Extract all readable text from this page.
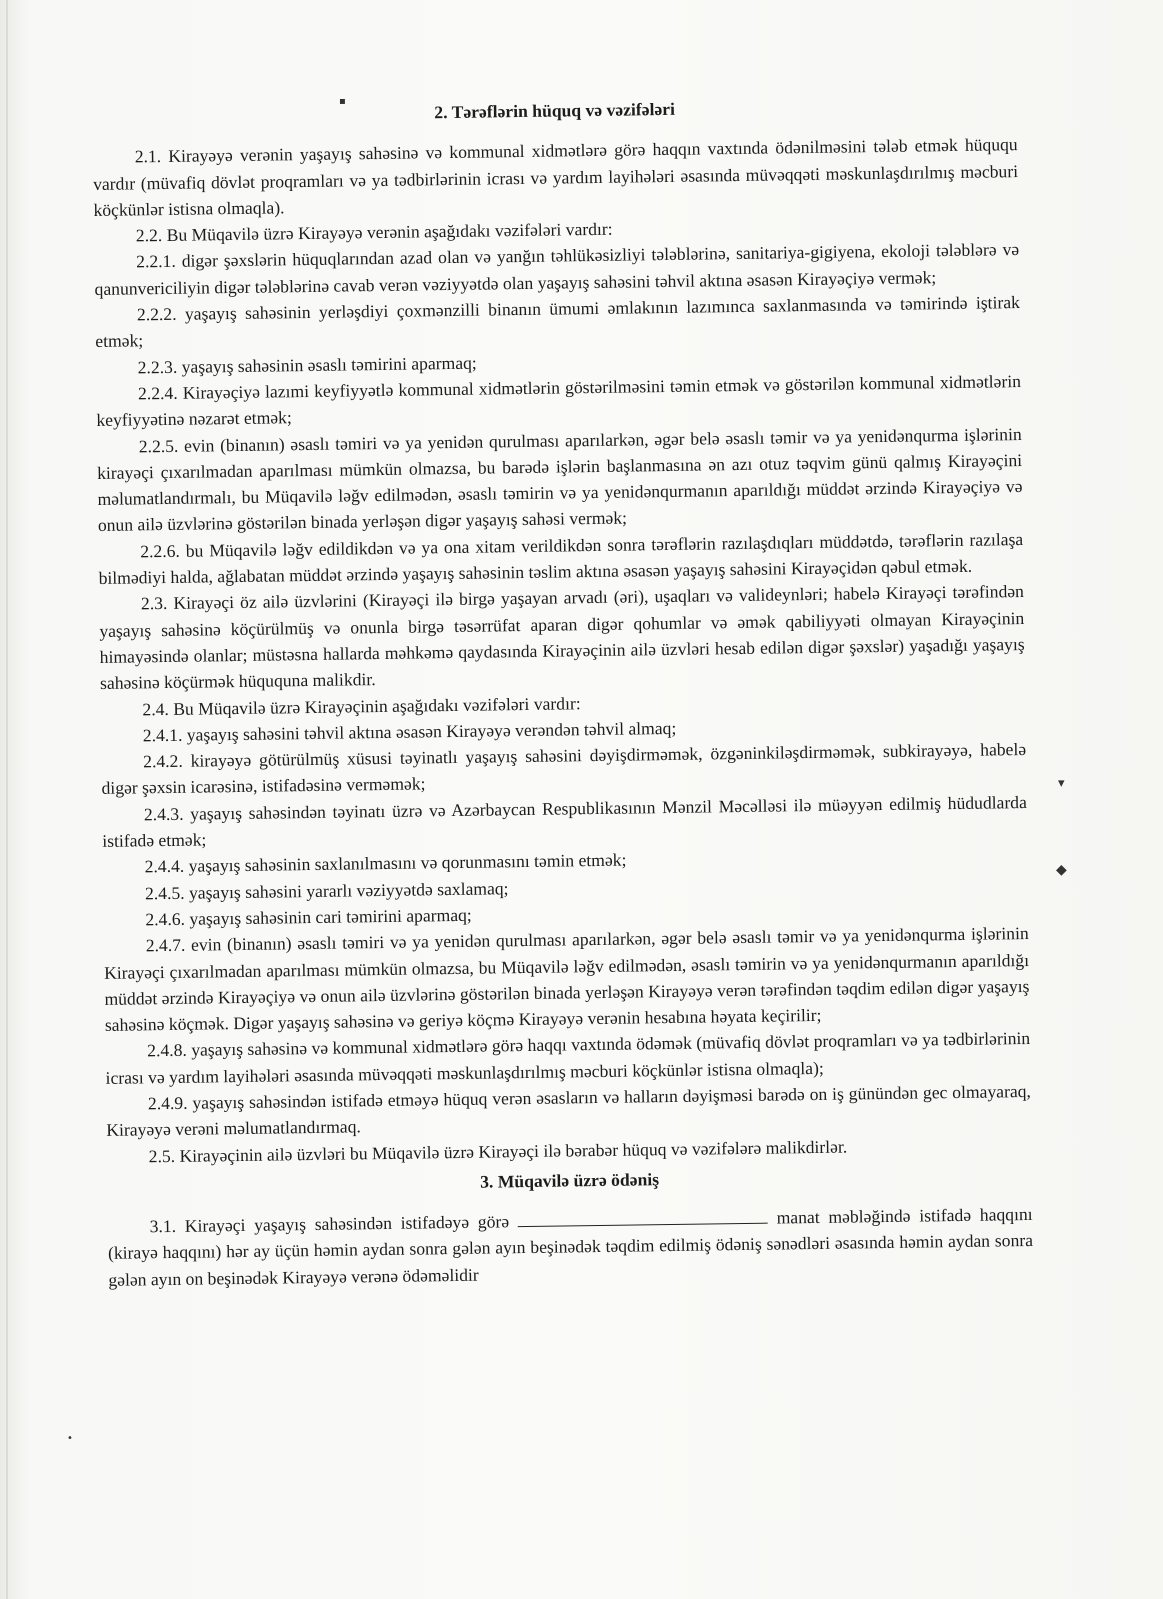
▪	2. Tərəflərin hüquq və vəzifələri

2.1. Kirayəyə verənin yaşayış sahəsinə və kommunal xidmətlərə görə haqqın vaxtında ödənilməsini tələb etmək hüququ vardır (müvafiq dövlət proqramları və ya tədbirlərinin icrası və yardım layihələri əsasında müvəqqəti məskunlaşdırılmış məcburi köçkünlər istisna olmaqla).

2.2. Bu Müqavilə üzrə Kirayəyə verənin aşağıdakı vəzifələri vardır:

2.2.1. digər şəxslərin hüquqlarından azad olan və yanğın təhlükəsizliyi tələblərinə, sanitariya-gigiyena, ekoloji tələblərə və qanunvericiliyin digər tələblərinə cavab verən vəziyyətdə olan yaşayış sahəsini təhvil aktına əsasən Kirayəçiyə vermək;

2.2.2. yaşayış sahəsinin yerləşdiyi çoxmənzilli binanın ümumi əmlakının lazımınca saxlanmasında və təmirində iştirak etmək;

2.2.3. yaşayış sahəsinin əsaslı təmirini aparmaq;

2.2.4. Kirayəçiyə lazımi keyfiyyətlə kommunal xidmətlərin göstərilməsini təmin etmək və göstərilən kommunal xidmətlərin keyfiyyətinə nəzarət etmək;

2.2.5. evin (binanın) əsaslı təmiri və ya yenidən qurulması aparılarkən, əgər belə əsaslı təmir və ya yenidənqurma işlərinin kirayəçi çıxarılmadan aparılması mümkün olmazsa, bu barədə işlərin başlanmasına ən azı otuz təqvim günü qalmış Kirayəçini məlumatlandırmalı, bu Müqavilə ləğv edilmədən, əsaslı təmirin və ya yenidənqurmanın aparıldığı müddət ərzində Kirayəçiyə və onun ailə üzvlərinə göstərilən binada yerləşən digər yaşayış sahəsi vermək;

2.2.6. bu Müqavilə ləğv edildikdən və ya ona xitam verildikdən sonra tərəflərin razılaşdıqları müddətdə, tərəflərin razılaşa bilmədiyi halda, ağlabatan müddət ərzində yaşayış sahəsinin təslim aktına əsasən yaşayış sahəsini Kirayəçidən qəbul etmək.

2.3. Kirayəçi öz ailə üzvlərini (Kirayəçi ilə birgə yaşayan arvadı (əri), uşaqları və valideynləri; habelə Kirayəçi tərəfindən yaşayış sahəsinə köçürülmüş və onunla birgə təsərrüfat aparan digər qohumlar və əmək qabiliyyəti olmayan Kirayəçinin himayəsində olanlar; müstəsna hallarda məhkəmə qaydasında Kirayəçinin ailə üzvləri hesab edilən digər şəxslər) yaşadığı yaşayış sahəsinə köçürmək hüququna malikdir.

2.4. Bu Müqavilə üzrə Kirayəçinin aşağıdakı vəzifələri vardır:

2.4.1. yaşayış sahəsini təhvil aktına əsasən Kirayəyə verəndən təhvil almaq;

2.4.2. kirayəyə götürülmüş xüsusi təyinatlı yaşayış sahəsini dəyişdirməmək, özgəninkiləşdirməmək, subkirayəyə, habelə digər şəxsin icarəsinə, istifadəsinə verməmək;

2.4.3. yaşayış sahəsindən təyinatı üzrə və Azərbaycan Respublikasının Mənzil Məcəlləsi ilə müəyyən edilmiş hüdudlarda istifadə etmək;

2.4.4. yaşayış sahəsinin saxlanılmasını və qorunmasını təmin etmək;

2.4.5. yaşayış sahəsini yararlı vəziyyətdə saxlamaq;

2.4.6. yaşayış sahəsinin cari təmirini aparmaq;

2.4.7. evin (binanın) əsaslı təmiri və ya yenidən qurulması aparılarkən, əgər belə əsaslı təmir və ya yenidənqurma işlərinin Kirayəçi çıxarılmadan aparılması mümkün olmazsa, bu Müqavilə ləğv edilmədən, əsaslı təmirin və ya yenidənqurmanın aparıldığı müddət ərzində Kirayəçiyə və onun ailə üzvlərinə göstərilən binada yerləşən Kirayəyə verən tərəfindən təqdim edilən digər yaşayış sahəsinə köçmək. Digər yaşayış sahəsinə və geriyə köçmə Kirayəyə verənin hesabına həyata keçirilir;

2.4.8. yaşayış sahəsinə və kommunal xidmətlərə görə haqqı vaxtında ödəmək (müvafiq dövlət proqramları və ya tədbirlərinin icrası və yardım layihələri əsasında müvəqqəti məskunlaşdırılmış məcburi köçkünlər istisna olmaqla);

2.4.9. yaşayış sahəsindən istifadə etməyə hüquq verən əsasların və halların dəyişməsi barədə on iş günündən gec olmayaraq, Kirayəyə verəni məlumatlandırmaq.

2.5. Kirayəçinin ailə üzvləri bu Müqavilə üzrə Kirayəçi ilə bərabər hüquq və vəzifələrə malikdirlər.

3. Müqavilə üzrə ödəniş

3.1. Kirayəçi yaşayış sahəsindən istifadəyə görə	manat məbləğində istifadə haqqını (kirayə haqqını) hər ay üçün həmin aydan sonra gələn ayın beşinədək təqdim edilmiş ödəniş sənədləri əsasında həmin aydan sonra gələn ayın on beşinədək Kirayəyə verənə ödəməlidir

▾
◆
•
